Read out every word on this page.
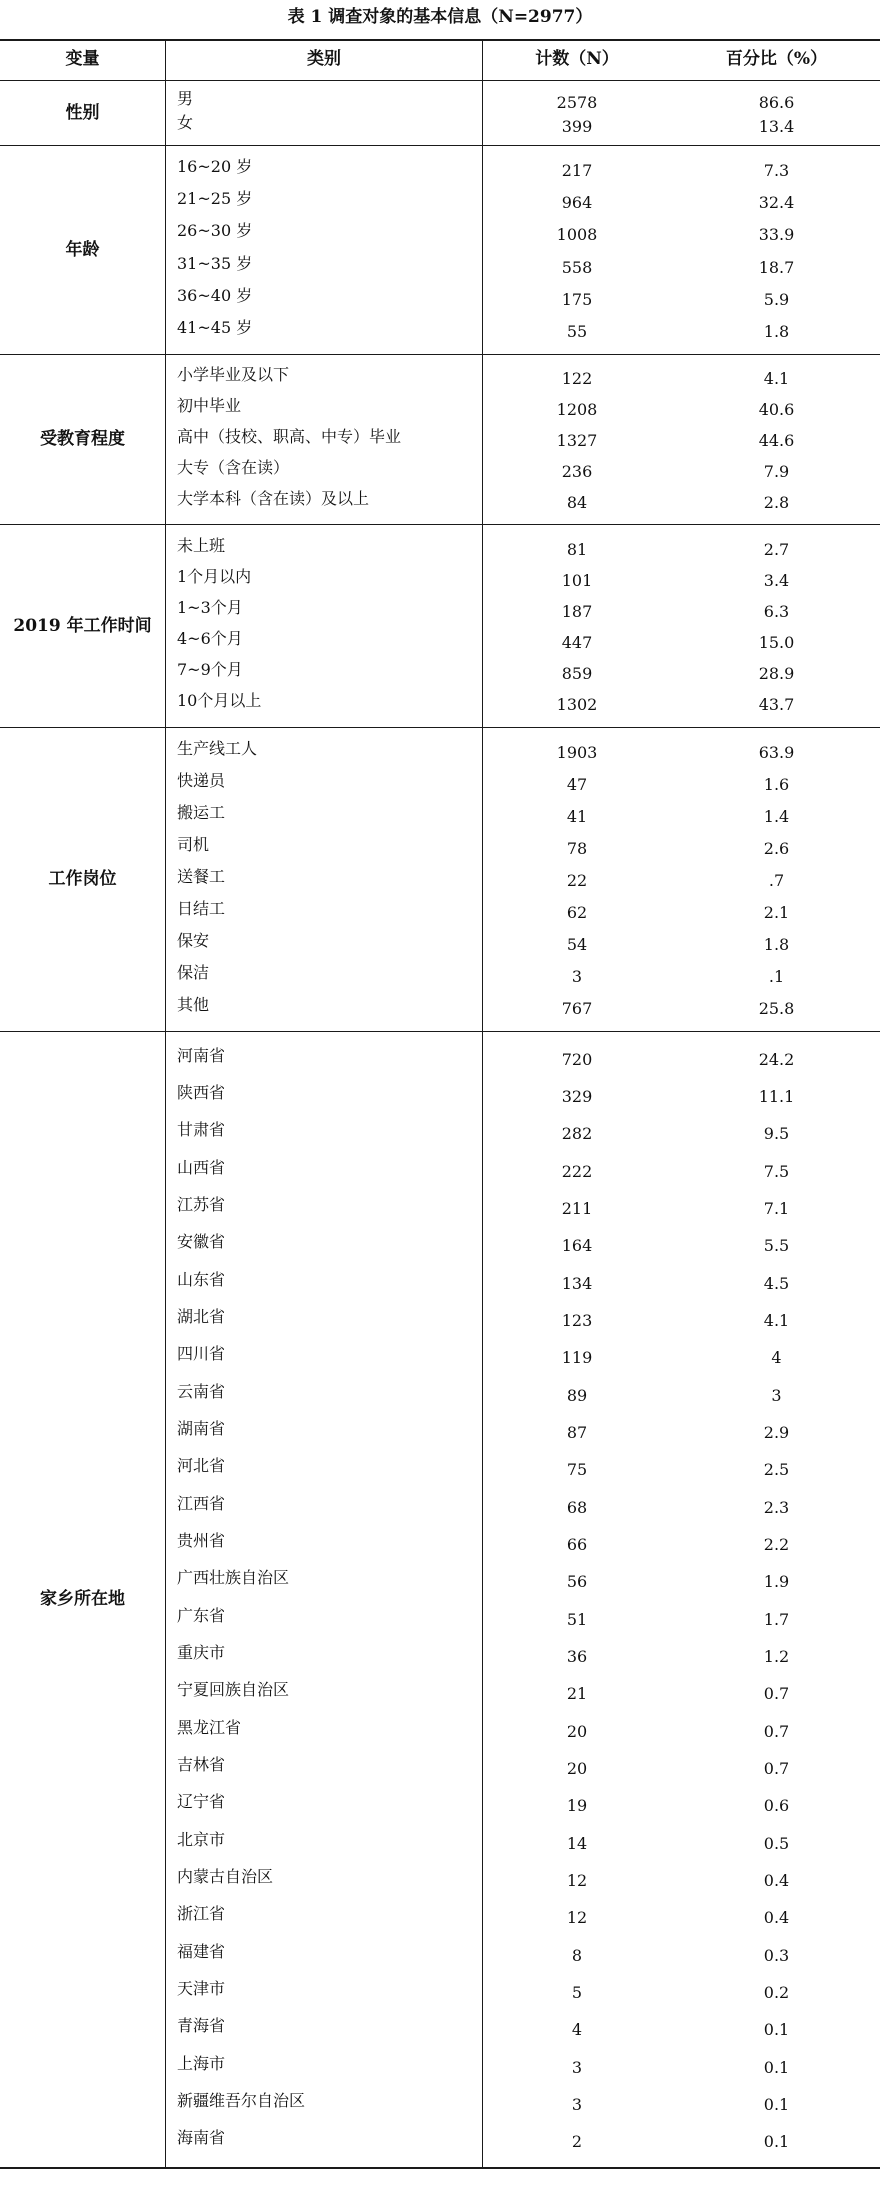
表 1 调查对象的基本信息（N=2977）
变量	类别	计数（N）	百分比（%）
性别
男	2578	86.6
女	399	13.4
年龄
16~20 岁	217	7.3
21~25 岁	964	32.4
26~30 岁	1008	33.9
31~35 岁	558	18.7
36~40 岁	175	5.9
41~45 岁	55	1.8
受教育程度
小学毕业及以下	122	4.1
初中毕业	1208	40.6
高中（技校、职高、中专）毕业	1327	44.6
大专（含在读）	236	7.9
大学本科（含在读）及以上	84	2.8
2019 年工作时间
未上班	81	2.7
1个月以内	101	3.4
1~3个月	187	6.3
4~6个月	447	15.0
7~9个月	859	28.9
10个月以上	1302	43.7
工作岗位
生产线工人	1903	63.9
快递员	47	1.6
搬运工	41	1.4
司机	78	2.6
送餐工	22	.7
日结工	62	2.1
保安	54	1.8
保洁	3	.1
其他	767	25.8
家乡所在地
河南省	720	24.2
陕西省	329	11.1
甘肃省	282	9.5
山西省	222	7.5
江苏省	211	7.1
安徽省	164	5.5
山东省	134	4.5
湖北省	123	4.1
四川省	119	4
云南省	89	3
湖南省	87	2.9
河北省	75	2.5
江西省	68	2.3
贵州省	66	2.2
广西壮族自治区	56	1.9
广东省	51	1.7
重庆市	36	1.2
宁夏回族自治区	21	0.7
黑龙江省	20	0.7
吉林省	20	0.7
辽宁省	19	0.6
北京市	14	0.5
内蒙古自治区	12	0.4
浙江省	12	0.4
福建省	8	0.3
天津市	5	0.2
青海省	4	0.1
上海市	3	0.1
新疆维吾尔自治区	3	0.1
海南省	2	0.1
